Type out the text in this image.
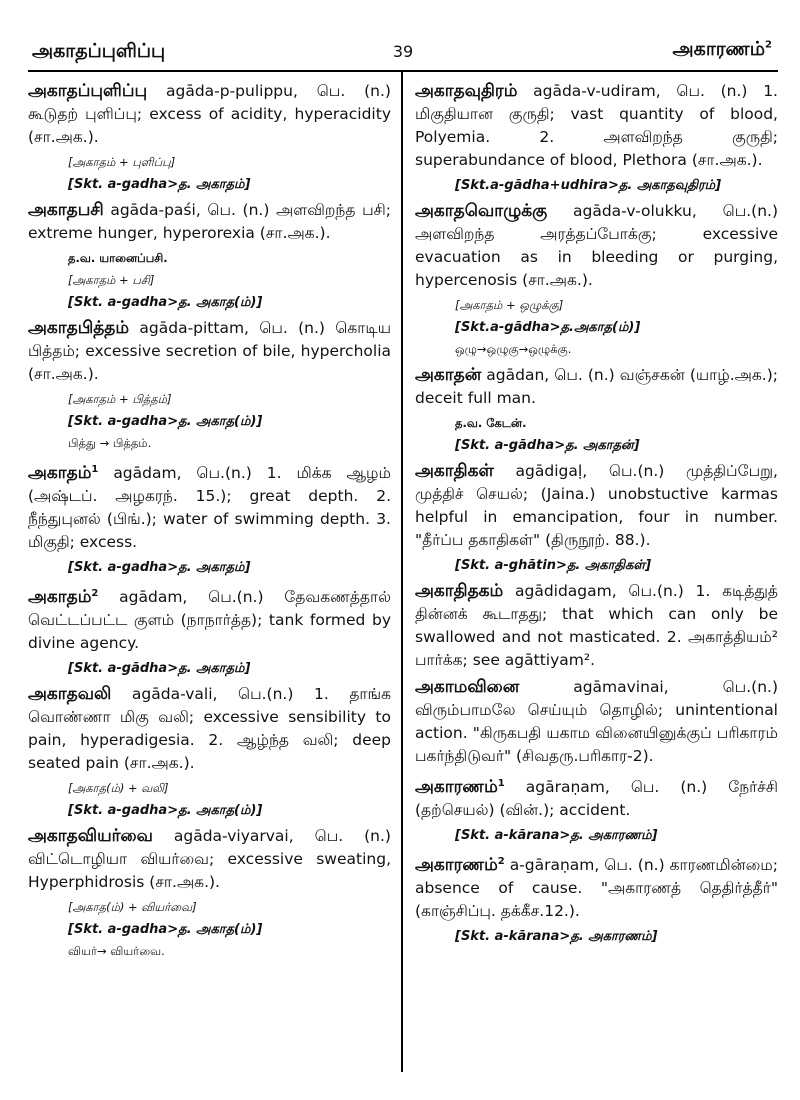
அகாதப்புளிப்பு	39	அகாரணம்$^2$
அகாதப்புளிப்பு agāda-p-pulippu, பெ. (n.) கூடுதற் புளிப்பு; excess of acidity, hyperacidity (சா.அக.).
[அகாதம் + புளிப்பு]
[Skt. a-gadha>த. அகாதம்]
அகாதபசி agāda-paśi, பெ. (n.) அளவிறந்த பசி; extreme hunger, hyperorexia (சா.அக.).
த.வ. யானைப்பசி.
[அகாதம் + பசி]
[Skt. a-gadha>த. அகாத(ம்)]
அகாதபித்தம் agāda-pittam, பெ. (n.) கொடிய பித்தம்; excessive secretion of bile, hypercholia (சா.அக.).
[அகாதம் + பித்தம்]
[Skt. a-gadha>த. அகாத(ம்)]
பித்து → பித்தம்.
அகாதம்$^1$ agādam, பெ.(n.) 1. மிக்க ஆழம் (அஷ்டப். அழகரந். 15.); great depth. 2. நீந்துபுனல் (பிங்.); water of swimming depth. 3. மிகுதி; excess.
[Skt. a-gadha>த. அகாதம்]
அகாதம்$^2$ agādam, பெ.(n.) தேவகணத்தால் வெட்டப்பட்ட குளம் (நாநார்த்த); tank formed by divine agency.
[Skt. a-gādha>த. அகாதம்]
அகாதவலி agāda-vali, பெ.(n.) 1. தாங்க வொண்ணா மிகு வலி; excessive sensibility to pain, hyperadigesia. 2. ஆழ்ந்த வலி; deep seated pain (சா.அக.).
[அகாத(ம்) + வலி]
[Skt. a-gadha>த. அகாத(ம்)]
அகாதவியர்வை agāda-viyarvai, பெ. (n.) விட்டொழியா வியர்வை; excessive sweating, Hyperphidrosis (சா.அக.).
[அகாத(ம்) + வியர்வை]
[Skt. a-gadha>த. அகாத(ம்)]
வியர்→ வியர்வை.
அகாதவுதிரம் agāda-v-udiram, பெ. (n.) 1. மிகுதியான குருதி; vast quantity of blood, Polyemia. 2. அளவிறந்த குருதி; superabundance of blood, Plethora (சா.அக.).
[Skt.a-gādha+udhira>த. அகாதவுதிரம்]
அகாதவொழுக்கு agāda-v-olukku, பெ.(n.) அளவிறந்த அரத்தப்போக்கு; excessive evacuation as in bleeding or purging, hypercenosis (சா.அக.).
[அகாதம் + ஒழுக்கு]
[Skt.a-gādha>த.அகாத(ம்)]
ஒழு→ஒழுகு→ஒழுக்கு.
அகாதன் agādan, பெ. (n.) வஞ்சகன் (யாழ்.அக.); deceit full man.
த.வ. கேடன்.
[Skt. a-gādha>த. அகாதன்]
அகாதிகள் agādigaḷ, பெ.(n.) முத்திப்பேறு, முத்திச் செயல்; (Jaina.) unobstuctive karmas helpful in emancipation, four in number. "தீர்ப்ப தகாதிகள்" (திருநூற். 88.).
[Skt. a-ghātin>த. அகாதிகள்]
அகாதிதகம் agādidagam, பெ.(n.) 1. கடித்துத் தின்னக் கூடாதது; that which can only be swallowed and not masticated. 2. அகாத்தியம்² பார்க்க; see agāttiyam².
அகாமவினை	agāmavinai, பெ.(n.) விரும்பாமலே செய்யும் தொழில்; unintentional action. "கிருகபதி யகாம வினையினுக்குப் பரிகாரம் பகர்ந்திடுவர்" (சிவதரு.பரிகார-2).
அகாரணம்$^1$ agāraṇam, பெ. (n.) நேர்ச்சி (தற்செயல்) (வின்.); accident.
[Skt. a-kārana>த. அகாரணம்]
அகாரணம்$^2$ a-gāraṇam, பெ. (n.) காரணமின்மை; absence of cause. "அகாரணத் தெதிர்த்தீர்" (காஞ்சிப்பு. தக்கீச.12.).
[Skt. a-kārana>த. அகாரணம்]
